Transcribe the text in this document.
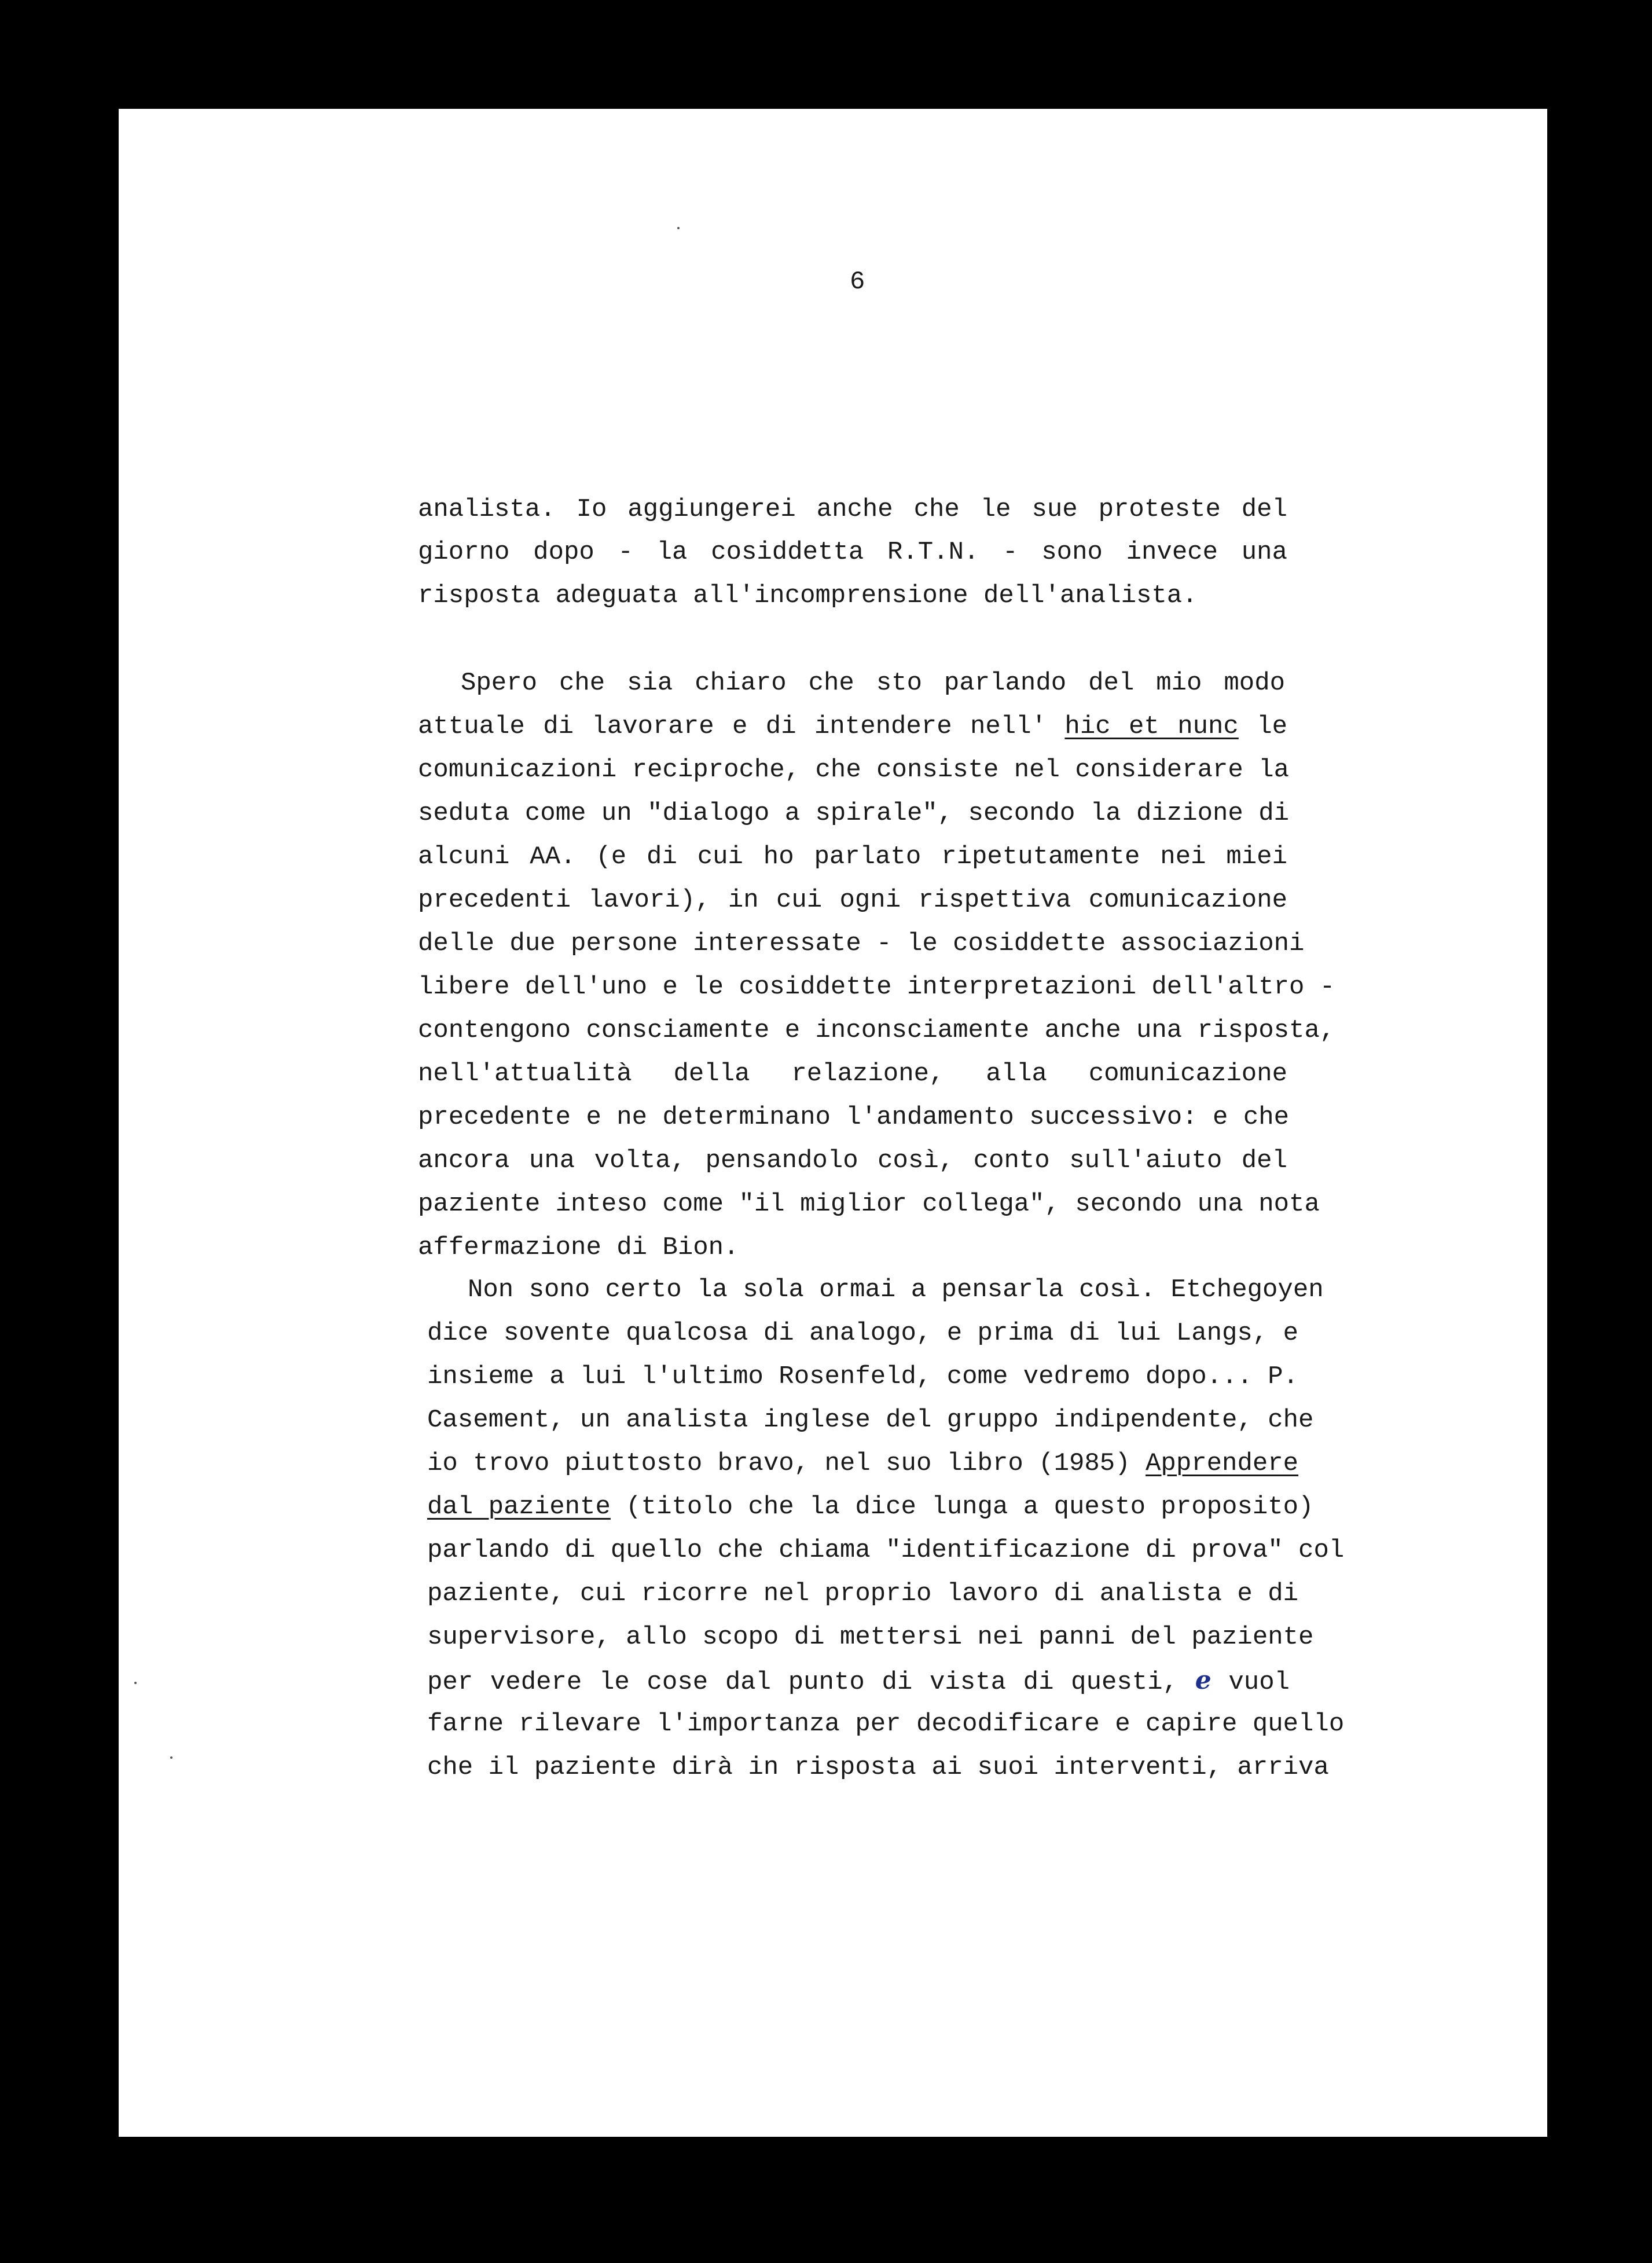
6
analista. Io aggiungerei anche che le sue proteste del
giorno dopo - la cosiddetta R.T.N. - sono invece una
risposta adeguata all'incomprensione dell'analista.
Spero che sia chiaro che sto parlando del mio modo
attuale di lavorare e di intendere nell' hic et nunc le
comunicazioni reciproche, che consiste nel considerare la
seduta come un "dialogo a spirale", secondo la dizione di
alcuni AA. (e di cui ho parlato ripetutamente nei miei
precedenti lavori), in cui ogni rispettiva comunicazione
delle due persone interessate - le cosiddette associazioni
libere dell'uno e le cosiddette interpretazioni dell'altro -
contengono consciamente e inconsciamente anche una risposta,
nell'attualità della relazione, alla comunicazione
precedente e ne determinano l'andamento successivo: e che
ancora una volta, pensandolo così, conto sull'aiuto del
paziente inteso come "il miglior collega", secondo una nota
affermazione di Bion.
Non sono certo la sola ormai a pensarla così. Etchegoyen
dice sovente qualcosa di analogo, e prima di lui Langs, e
insieme a lui l'ultimo Rosenfeld, come vedremo dopo... P.
Casement, un analista inglese del gruppo indipendente, che
io trovo piuttosto bravo, nel suo libro (1985) Apprendere
dal paziente (titolo che la dice lunga a questo proposito)
parlando di quello che chiama "identificazione di prova" col
paziente, cui ricorre nel proprio lavoro di analista e di
supervisore, allo scopo di mettersi nei panni del paziente
per vedere le cose dal punto di vista di questi, e vuol
farne rilevare l'importanza per decodificare e capire quello
che il paziente dirà in risposta ai suoi interventi, arriva
